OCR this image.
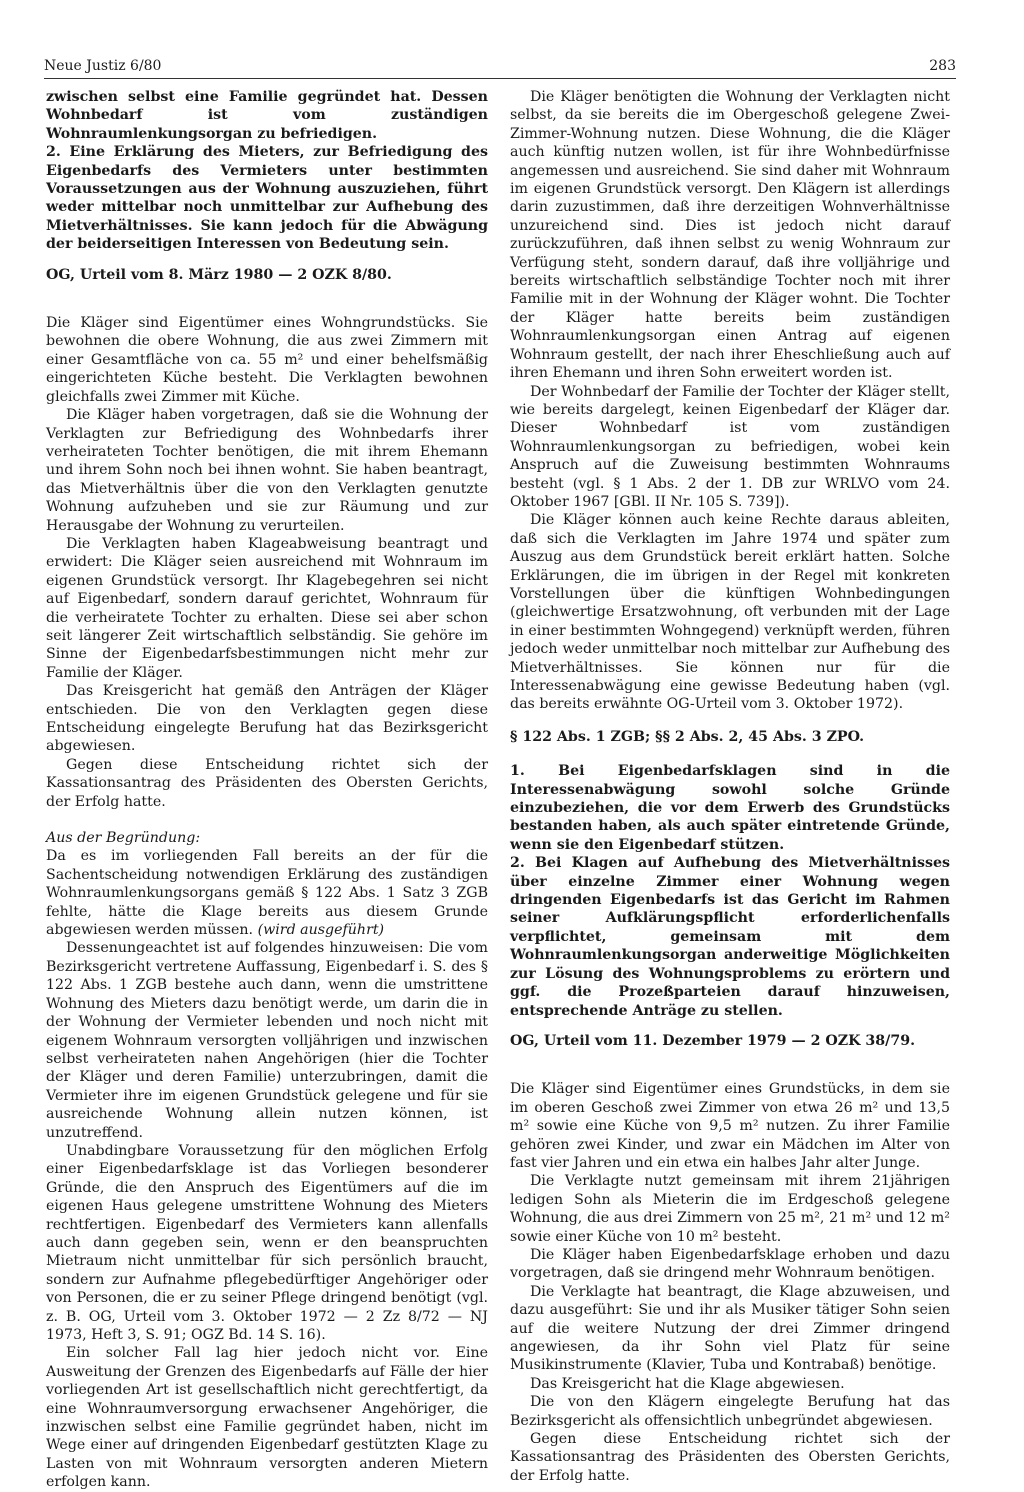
Neue Justiz 6/80	283

zwischen selbst eine Familie gegründet hat. Dessen Wohnbedarf ist vom zuständigen Wohnraumlenkungsorgan zu befriedigen.

2. Eine Erklärung des Mieters, zur Befriedigung des Eigenbedarfs des Vermieters unter bestimmten Voraussetzungen aus der Wohnung auszuziehen, führt weder mittelbar noch unmittelbar zur Aufhebung des Mietverhältnisses. Sie kann jedoch für die Abwägung der beiderseitigen Interessen von Bedeutung sein.

OG, Urteil vom 8. März 1980 — 2 OZK 8/80.

Die Kläger sind Eigentümer eines Wohngrundstücks. Sie bewohnen die obere Wohnung, die aus zwei Zimmern mit einer Gesamtfläche von ca. 55 m² und einer behelfsmäßig eingerichteten Küche besteht. Die Verklagten bewohnen gleichfalls zwei Zimmer mit Küche.

Die Kläger haben vorgetragen, daß sie die Wohnung der Verklagten zur Befriedigung des Wohnbedarfs ihrer verheirateten Tochter benötigen, die mit ihrem Ehemann und ihrem Sohn noch bei ihnen wohnt. Sie haben beantragt, das Mietverhältnis über die von den Verklagten genutzte Wohnung aufzuheben und sie zur Räumung und zur Herausgabe der Wohnung zu verurteilen.

Die Verklagten haben Klageabweisung beantragt und erwidert: Die Kläger seien ausreichend mit Wohnraum im eigenen Grundstück versorgt. Ihr Klagebegehren sei nicht auf Eigenbedarf, sondern darauf gerichtet, Wohnraum für die verheiratete Tochter zu erhalten. Diese sei aber schon seit längerer Zeit wirtschaftlich selbständig. Sie gehöre im Sinne der Eigenbedarfsbestimmungen nicht mehr zur Familie der Kläger.

Das Kreisgericht hat gemäß den Anträgen der Kläger entschieden. Die von den Verklagten gegen diese Entscheidung eingelegte Berufung hat das Bezirksgericht abgewiesen.

Gegen diese Entscheidung richtet sich der Kassationsantrag des Präsidenten des Obersten Gerichts, der Erfolg hatte.

Aus der Begründung:

Da es im vorliegenden Fall bereits an der für die Sachentscheidung notwendigen Erklärung des zuständigen Wohnraumlenkungsorgans gemäß § 122 Abs. 1 Satz 3 ZGB fehlte, hätte die Klage bereits aus diesem Grunde abgewiesen werden müssen. (wird ausgeführt)

Dessenungeachtet ist auf folgendes hinzuweisen: Die vom Bezirksgericht vertretene Auffassung, Eigenbedarf i. S. des § 122 Abs. 1 ZGB bestehe auch dann, wenn die umstrittene Wohnung des Mieters dazu benötigt werde, um darin die in der Wohnung der Vermieter lebenden und noch nicht mit eigenem Wohnraum versorgten volljährigen und inzwischen selbst verheirateten nahen Angehörigen (hier die Tochter der Kläger und deren Familie) unterzubringen, damit die Vermieter ihre im eigenen Grundstück gelegene und für sie ausreichende Wohnung allein nutzen können, ist unzutreffend.

Unabdingbare Voraussetzung für den möglichen Erfolg einer Eigenbedarfsklage ist das Vorliegen besonderer Gründe, die den Anspruch des Eigentümers auf die im eigenen Haus gelegene umstrittene Wohnung des Mieters rechtfertigen. Eigenbedarf des Vermieters kann allenfalls auch dann gegeben sein, wenn er den beanspruchten Mietraum nicht unmittelbar für sich persönlich braucht, sondern zur Aufnahme pflegebedürftiger Angehöriger oder von Personen, die er zu seiner Pflege dringend benötigt (vgl. z. B. OG, Urteil vom 3. Oktober 1972 — 2 Zz 8/72 — NJ 1973, Heft 3, S. 91; OGZ Bd. 14 S. 16).

Ein solcher Fall lag hier jedoch nicht vor. Eine Ausweitung der Grenzen des Eigenbedarfs auf Fälle der hier vorliegenden Art ist gesellschaftlich nicht gerechtfertigt, da eine Wohnraumversorgung erwachsener Angehöriger, die inzwischen selbst eine Familie gegründet haben, nicht im Wege einer auf dringenden Eigenbedarf gestützten Klage zu Lasten von mit Wohnraum versorgten anderen Mietern erfolgen kann.

Die Kläger benötigten die Wohnung der Verklagten nicht selbst, da sie bereits die im Obergeschoß gelegene Zwei-Zimmer-Wohnung nutzen. Diese Wohnung, die die Kläger auch künftig nutzen wollen, ist für ihre Wohnbedürfnisse angemessen und ausreichend. Sie sind daher mit Wohnraum im eigenen Grundstück versorgt. Den Klägern ist allerdings darin zuzustimmen, daß ihre derzeitigen Wohnverhältnisse unzureichend sind. Dies ist jedoch nicht darauf zurückzuführen, daß ihnen selbst zu wenig Wohnraum zur Verfügung steht, sondern darauf, daß ihre volljährige und bereits wirtschaftlich selbständige Tochter noch mit ihrer Familie mit in der Wohnung der Kläger wohnt. Die Tochter der Kläger hatte bereits beim zuständigen Wohnraumlenkungsorgan einen Antrag auf eigenen Wohnraum gestellt, der nach ihrer Eheschließung auch auf ihren Ehemann und ihren Sohn erweitert worden ist.

Der Wohnbedarf der Familie der Tochter der Kläger stellt, wie bereits dargelegt, keinen Eigenbedarf der Kläger dar. Dieser Wohnbedarf ist vom zuständigen Wohnraumlenkungsorgan zu befriedigen, wobei kein Anspruch auf die Zuweisung bestimmten Wohnraums besteht (vgl. § 1 Abs. 2 der 1. DB zur WRLVO vom 24. Oktober 1967 [GBl. II Nr. 105 S. 739]).

Die Kläger können auch keine Rechte daraus ableiten, daß sich die Verklagten im Jahre 1974 und später zum Auszug aus dem Grundstück bereit erklärt hatten. Solche Erklärungen, die im übrigen in der Regel mit konkreten Vorstellungen über die künftigen Wohnbedingungen (gleichwertige Ersatzwohnung, oft verbunden mit der Lage in einer bestimmten Wohngegend) verknüpft werden, führen jedoch weder unmittelbar noch mittelbar zur Aufhebung des Mietverhältnisses. Sie können nur für die Interessenabwägung eine gewisse Bedeutung haben (vgl. das bereits erwähnte OG-Urteil vom 3. Oktober 1972).

§ 122 Abs. 1 ZGB; §§ 2 Abs. 2, 45 Abs. 3 ZPO.

1. Bei Eigenbedarfsklagen sind in die Interessenabwägung sowohl solche Gründe einzubeziehen, die vor dem Erwerb des Grundstücks bestanden haben, als auch später eintretende Gründe, wenn sie den Eigenbedarf stützen.

2. Bei Klagen auf Aufhebung des Mietverhältnisses über einzelne Zimmer einer Wohnung wegen dringenden Eigenbedarfs ist das Gericht im Rahmen seiner Aufklärungspflicht erforderlichenfalls verpflichtet, gemeinsam mit dem Wohnraumlenkungsorgan anderweitige Möglichkeiten zur Lösung des Wohnungsproblems zu erörtern und ggf. die Prozeßparteien darauf hinzuweisen, entsprechende Anträge zu stellen.

OG, Urteil vom 11. Dezember 1979 — 2 OZK 38/79.

Die Kläger sind Eigentümer eines Grundstücks, in dem sie im oberen Geschoß zwei Zimmer von etwa 26 m² und 13,5 m² sowie eine Küche von 9,5 m² nutzen. Zu ihrer Familie gehören zwei Kinder, und zwar ein Mädchen im Alter von fast vier Jahren und ein etwa ein halbes Jahr alter Junge.

Die Verklagte nutzt gemeinsam mit ihrem 21jährigen ledigen Sohn als Mieterin die im Erdgeschoß gelegene Wohnung, die aus drei Zimmern von 25 m², 21 m² und 12 m² sowie einer Küche von 10 m² besteht.

Die Kläger haben Eigenbedarfsklage erhoben und dazu vorgetragen, daß sie dringend mehr Wohnraum benötigen.

Die Verklagte hat beantragt, die Klage abzuweisen, und dazu ausgeführt: Sie und ihr als Musiker tätiger Sohn seien auf die weitere Nutzung der drei Zimmer dringend angewiesen, da ihr Sohn viel Platz für seine Musikinstrumente (Klavier, Tuba und Kontrabaß) benötige.

Das Kreisgericht hat die Klage abgewiesen.

Die von den Klägern eingelegte Berufung hat das Bezirksgericht als offensichtlich unbegründet abgewiesen.

Gegen diese Entscheidung richtet sich der Kassationsantrag des Präsidenten des Obersten Gerichts, der Erfolg hatte.
